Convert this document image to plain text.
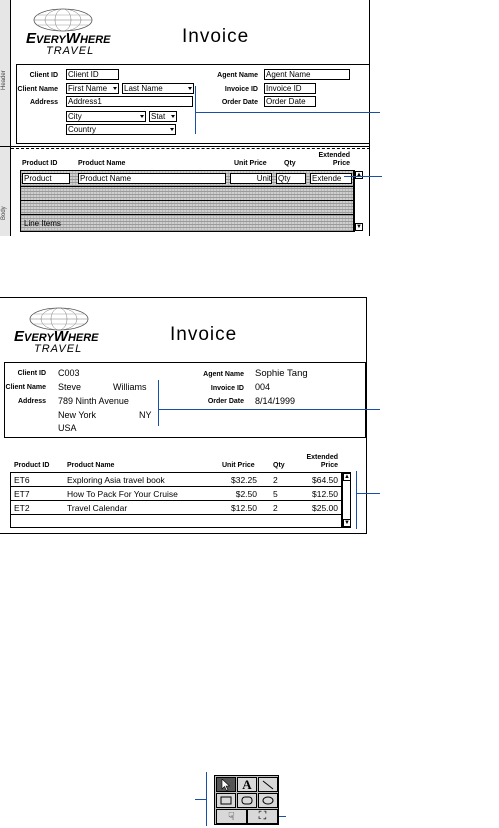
Header
Body
EVERYWHERE
TRAVEL
Invoice
Client ID Client ID
Client Name First Name	Last Name
Address Address1
City	Stat
Country
Agent Name Agent Name
Invoice ID Invoice ID
Order Date Order Date
Product ID	Product Name	Unit Price Qty
Extended
Price
Product	Product Name	Unit Qty	Extende
Line Items
▲
▼
EVERYWHERE
TRAVEL
Invoice
Client ID C003
Client Name Steve	Williams
Address 789 Ninth Avenue
New York	NY
USA
Agent Name Sophie Tang
Invoice ID 004
Order Date 8/14/1999
Product ID	Product Name	Unit Price	Qty
Extended
Price
ET6	Exploring Asia travel book	$32.25 2	$64.50
ET7	How To Pack For Your Cruise	$2.50 5	$12.50
ET2	Travel Calendar	$12.50 2	$25.00
▲
▼
A
☟ ⛶
